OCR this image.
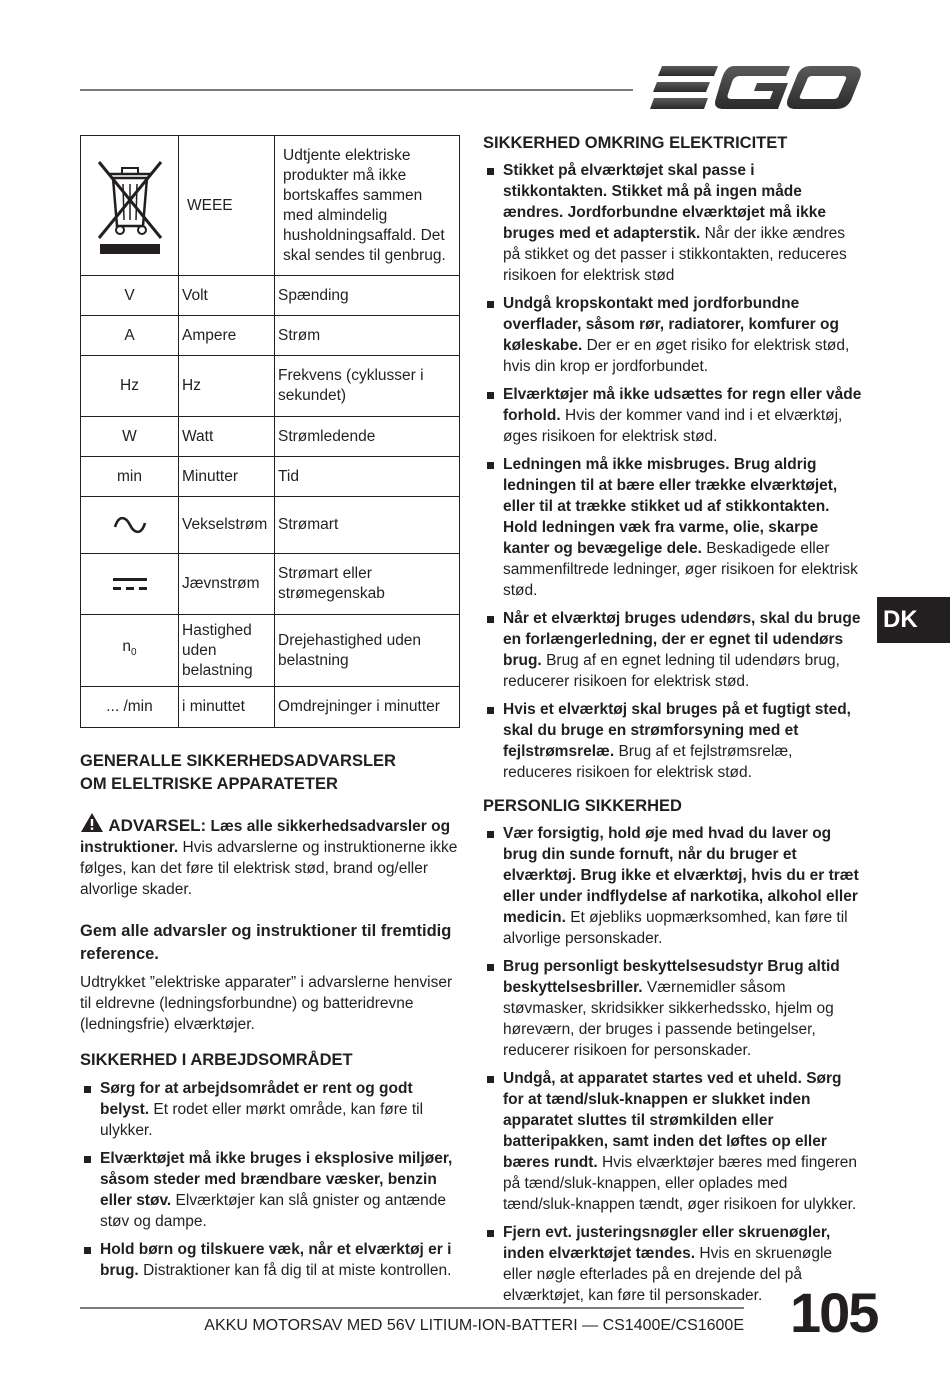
	WEEE	Udtjente elektriske produkter må ikke bortskaffes sammen med almindelig husholdningsaffald. Det skal sendes til genbrug.
V	Volt	Spænding
A	Ampere	Strøm
Hz	Hz	Frekvens (cyklusser i sekundet)
W	Watt	Strømledende
min	Minutter	Tid

	Vekselstrøm	Strømart

	Jævnstrøm	Strømart eller strømegenskab
$n_0$	Hastighed uden belastning	Drejehastighed uden belastning
... /min	i minuttet	Omdrejninger i minutter
GENERALLE SIKKERHEDSADVARSLER OM ELELTRISKE APPARATETER

ADVARSEL: Læs alle sikkerhedsadvarsler og instruktioner. Hvis advarslerne og instruktionerne ikke følges, kan det føre til elektrisk stød, brand og/eller alvorlige skader.

Gem alle advarsler og instruktioner til fremtidig reference.

Udtrykket ”elektriske apparater” i advarslerne henviser til eldrevne (ledningsforbundne) og batteridrevne (ledningsfrie) elværktøjer.

SIKKERHED I ARBEJDSOMRÅDET
Sørg for at arbejdsområdet er rent og godt belyst. Et rodet eller mørkt område, kan føre til ulykker.
Elværktøjet må ikke bruges i eksplosive miljøer, såsom steder med brændbare væsker, benzin eller støv. Elværktøjer kan slå gnister og antænde støv og dampe.
Hold børn og tilskuere væk, når et elværktøj er i brug. Distraktioner kan få dig til at miste kontrollen.
SIKKERHED OMKRING ELEKTRICITET
Stikket på elværktøjet skal passe i stikkontakten. Stikket må på ingen måde ændres. Jordforbundne elværktøjet må ikke bruges med et adapterstik. Når der ikke ændres på stikket og det passer i stikkontakten, reduceres risikoen for elektrisk stød
Undgå kropskontakt med jordforbundne overflader, såsom rør, radiatorer, komfurer og køleskabe. Der er en øget risiko for elektrisk stød, hvis din krop er jordforbundet.
Elværktøjer må ikke udsættes for regn eller våde forhold. Hvis der kommer vand ind i et elværktøj, øges risikoen for elektrisk stød.
Ledningen må ikke misbruges. Brug aldrig ledningen til at bære eller trække elværktøjet, eller til at trække stikket ud af stikkontakten. Hold ledningen væk fra varme, olie, skarpe kanter og bevægelige dele. Beskadigede eller sammenfiltrede ledninger, øger risikoen for elektrisk stød.
Når et elværktøj bruges udendørs, skal du bruge en forlængerledning, der er egnet til udendørs brug. Brug af en egnet ledning til udendørs brug, reducerer risikoen for elektrisk stød.
Hvis et elværktøj skal bruges på et fugtigt sted, skal du bruge en strømforsyning med et fejlstrømsrelæ. Brug af et fejlstrømsrelæ, reduceres risikoen for elektrisk stød.
PERSONLIG SIKKERHED
Vær forsigtig, hold øje med hvad du laver og brug din sunde fornuft, når du bruger et elværktøj. Brug ikke et elværktøj, hvis du er træt eller under indflydelse af narkotika, alkohol eller medicin. Et øjebliks uopmærksomhed, kan føre til alvorlige personskader.
Brug personligt beskyttelsesudstyr Brug altid beskyttelsesbriller. Værnemidler såsom støvmasker, skridsikker sikkerhedssko, hjelm og høreværn, der bruges i passende betingelser, reducerer risikoen for personskader.
Undgå, at apparatet startes ved et uheld. Sørg for at tænd/sluk-knappen er slukket inden apparatet sluttes til strømkilden eller batteripakken, samt inden det løftes op eller bæres rundt. Hvis elværktøjer bæres med fingeren på tænd/sluk-knappen, eller oplades med tænd/sluk-knappen tændt, øger risikoen for ulykker.
Fjern evt. justeringsnøgler eller skruenøgler, inden elværktøjet tændes. Hvis en skruenøgle eller nøgle efterlades på en drejende del på elværktøjet, kan føre til personskader.
DK
AKKU MOTORSAV MED 56V LITIUM-ION-BATTERI — CS1400E/CS1600E 105
